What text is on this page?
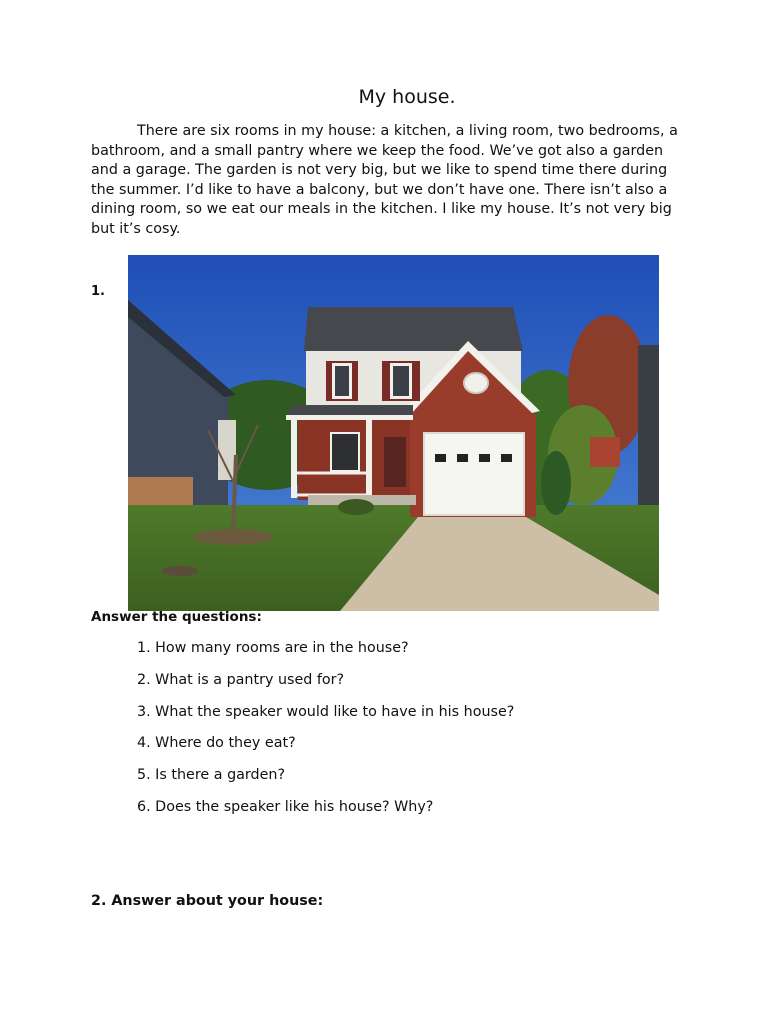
My house.
There are six rooms in my house: a kitchen, a living room, two bedrooms, a bathroom, and a small pantry where we keep the food. We’ve got also a garden and a garage. The garden is not very big, but we like to spend time there during the summer. I’d like to have a balcony, but we don’t have one. There isn’t also a dining room, so we eat our meals in the kitchen. I like my house. It’s not very big but it’s cosy.
1.
Answer the questions:
1. How many rooms are in the house?
2. What is a pantry used for?
3. What the speaker would like to have in his house?
4. Where do they eat?
5. Is there a garden?
6. Does the speaker like his house? Why?
2. Answer about your house:
